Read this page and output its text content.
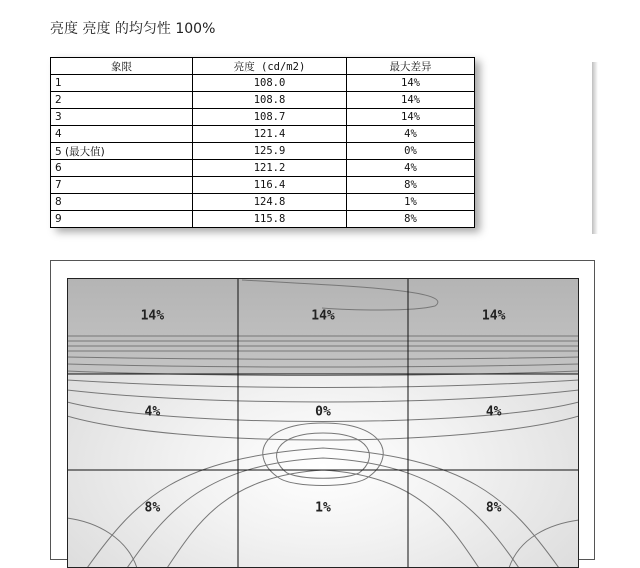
亮度 亮度 的均匀性 100%
象限	亮度 (cd/m2)	最大差异
1	108.0	14%
2	108.8	14%
3	108.7	14%
4	121.4	4%
5 (最大值)	125.9	0%
6	121.2	4%
7	116.4	8%
8	124.8	1%
9	115.8	8%
14%	14%	14%
4%	0%	4%
8%	1%	8%
